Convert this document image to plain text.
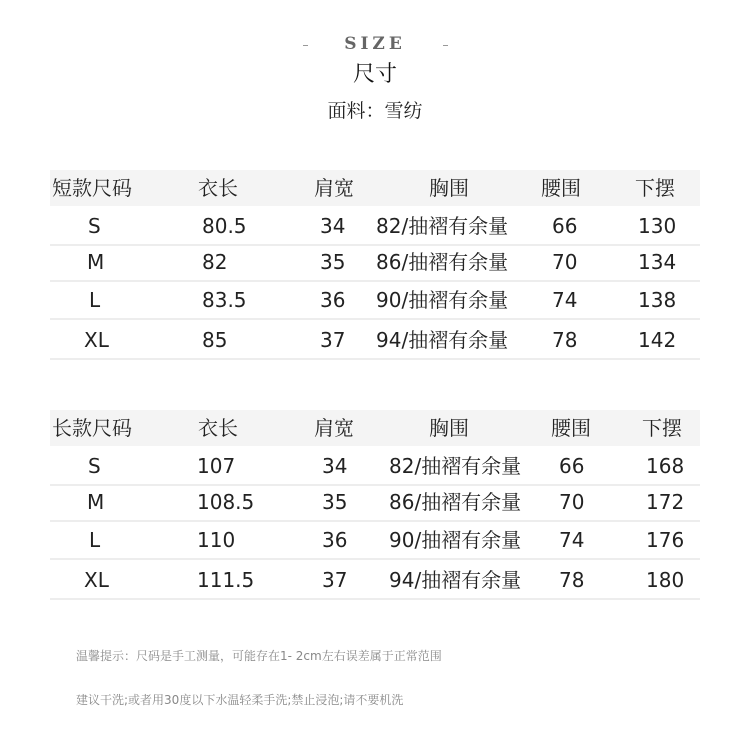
SIZE
尺寸
面料：雪纺
短款尺码	衣长	肩宽	胸围	腰围	下摆
S	80.5	34 82/抽褶有余量 66	130
M	82	35 86/抽褶有余量 70	134
L	83.5	36 90/抽褶有余量 74	138
XL	85	37 94/抽褶有余量 78	142
长款尺码	衣长	肩宽	胸围	腰围	下摆
S	107	34 82/抽褶有余量 66	168
M	108.5	35 86/抽褶有余量 70	172
L	110	36 90/抽褶有余量 74	176
XL	111.5	37 94/抽褶有余量 78	180
温馨提示：尺码是手工测量，可能存在1- 2cm左右误差属于正常范围
建议干洗;或者用30度以下水温轻柔手洗;禁止浸泡;请不要机洗
